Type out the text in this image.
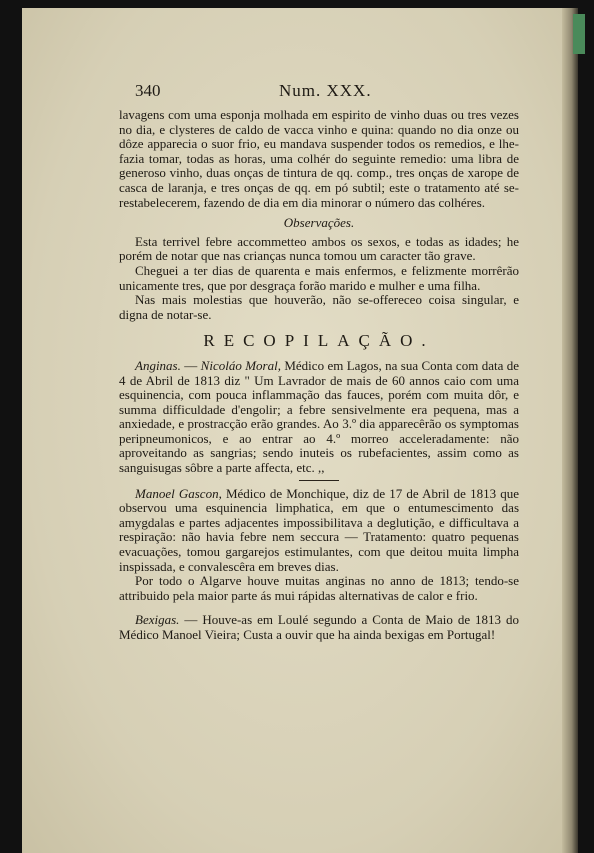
340	Num. XXX.

lavagens com uma esponja molhada em espirito de vinho duas ou tres vezes no dia, e clysteres de caldo de vacca vinho e quina: quando no dia onze ou dôze apparecia o suor frio, eu mandava suspender todos os remedios, e lhe-fazia tomar, todas as horas, uma colhér do seguinte remedio: uma libra de generoso vinho, duas onças de tintura de qq. comp., tres onças de xarope de casca de laranja, e tres onças de qq. em pó subtil; este o tratamento até se-restabelecerem, fazendo de dia em dia minorar o número das colhéres.

Observações.

Esta terrivel febre accommetteo ambos os sexos, e todas as idades; he porém de notar que nas crianças nunca tomou um caracter tão grave.

Cheguei a ter dias de quarenta e mais enfermos, e felizmente morrêrão unicamente tres, que por desgraça forão marido e mulher e uma filha.

Nas mais molestias que houverão, não se-offereceo coisa singular, e digna de notar-se.

RECOPILAÇÃO.

Anginas. — Nicoláo Moral, Médico em Lagos, na sua Conta com data de 4 de Abril de 1813 diz " Um Lavrador de mais de 60 annos caio com uma esquinencia, com pouca inflammação das fauces, porém com muita dôr, e summa difficuldade d'engolir; a febre sensivelmente era pequena, mas a anxiedade, e prostracção erão grandes. Ao 3.º dia apparecêrão os symptomas peripneumonicos, e ao entrar ao 4.º morreo acceleradamente: não aproveitando as sangrias; sendo inuteis os rubefacientes, assim como as sanguisugas sôbre a parte affecta, etc. ,,

Manoel Gascon, Médico de Monchique, diz de 17 de Abril de 1813 que observou uma esquinencia limphatica, em que o entumescimento das amygdalas e partes adjacentes impossibilitava a deglutição, e difficultava a respiração: não havia febre nem seccura — Tratamento: quatro pequenas evacuações, tomou gargarejos estimulantes, com que deitou muita limpha inspissada, e convalescêra em breves dias.

Por todo o Algarve houve muitas anginas no anno de 1813; tendo-se attribuido pela maior parte ás mui rápidas alternativas de calor e frio.

Bexigas. — Houve-as em Loulé segundo a Conta de Maio de 1813 do Médico Manoel Vieira; Custa a ouvir que ha ainda bexigas em Portugal!
